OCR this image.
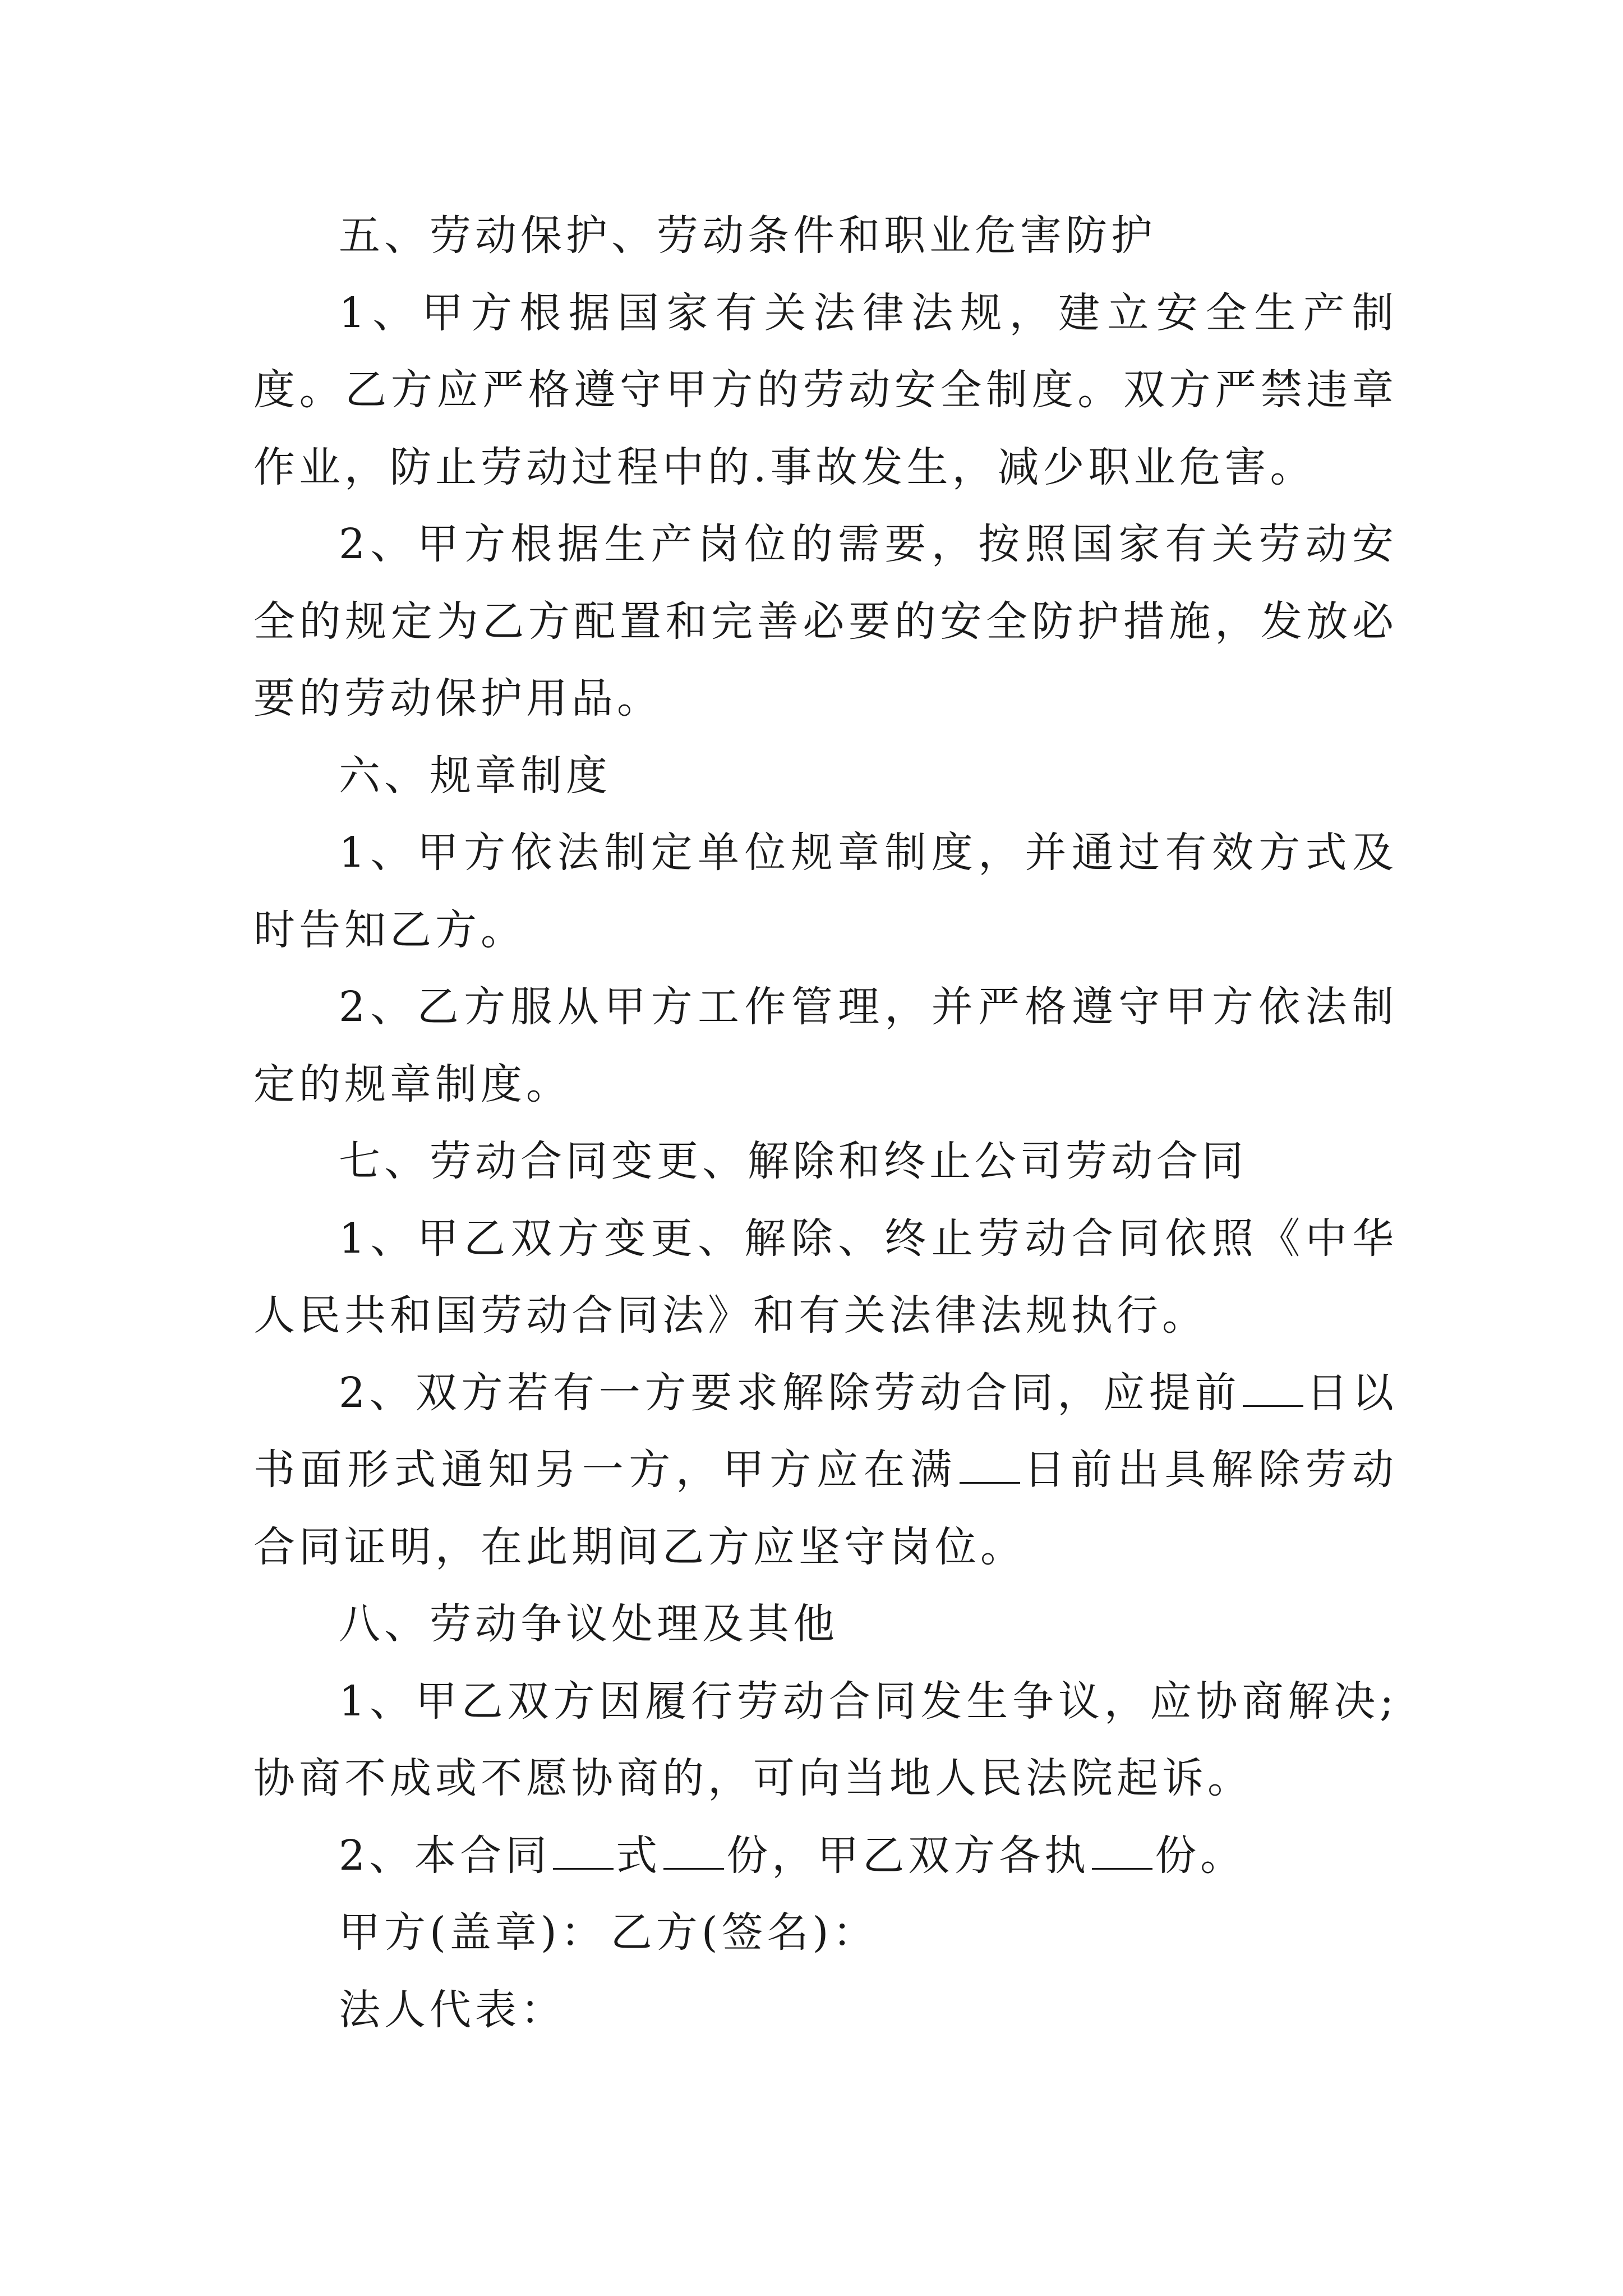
五、劳动保护、劳动条件和职业危害防护

1、甲方根据国家有关法律法规，建立安全生产制度。乙方应严格遵守甲方的劳动安全制度。双方严禁违章作业，防止劳动过程中的.事故发生，减少职业危害。

2、甲方根据生产岗位的需要，按照国家有关劳动安全的规定为乙方配置和完善必要的安全防护措施，发放必要的劳动保护用品。

六、规章制度

1、甲方依法制定单位规章制度，并通过有效方式及时告知乙方。

2、乙方服从甲方工作管理，并严格遵守甲方依法制定的规章制度。

七、劳动合同变更、解除和终止公司劳动合同

1、甲乙双方变更、解除、终止劳动合同依照《中华人民共和国劳动合同法》和有关法律法规执行。

2、双方若有一方要求解除劳动合同，应提前 日以书面形式通知另一方，甲方应在满 日前出具解除劳动合同证明，在此期间乙方应坚守岗位。

八、劳动争议处理及其他

1、甲乙双方因履行劳动合同发生争议，应协商解决;协商不成或不愿协商的，可向当地人民法院起诉。

2、本合同 式 份，甲乙双方各执 份。

甲方(盖章)： 乙方(签名)：

法人代表：
